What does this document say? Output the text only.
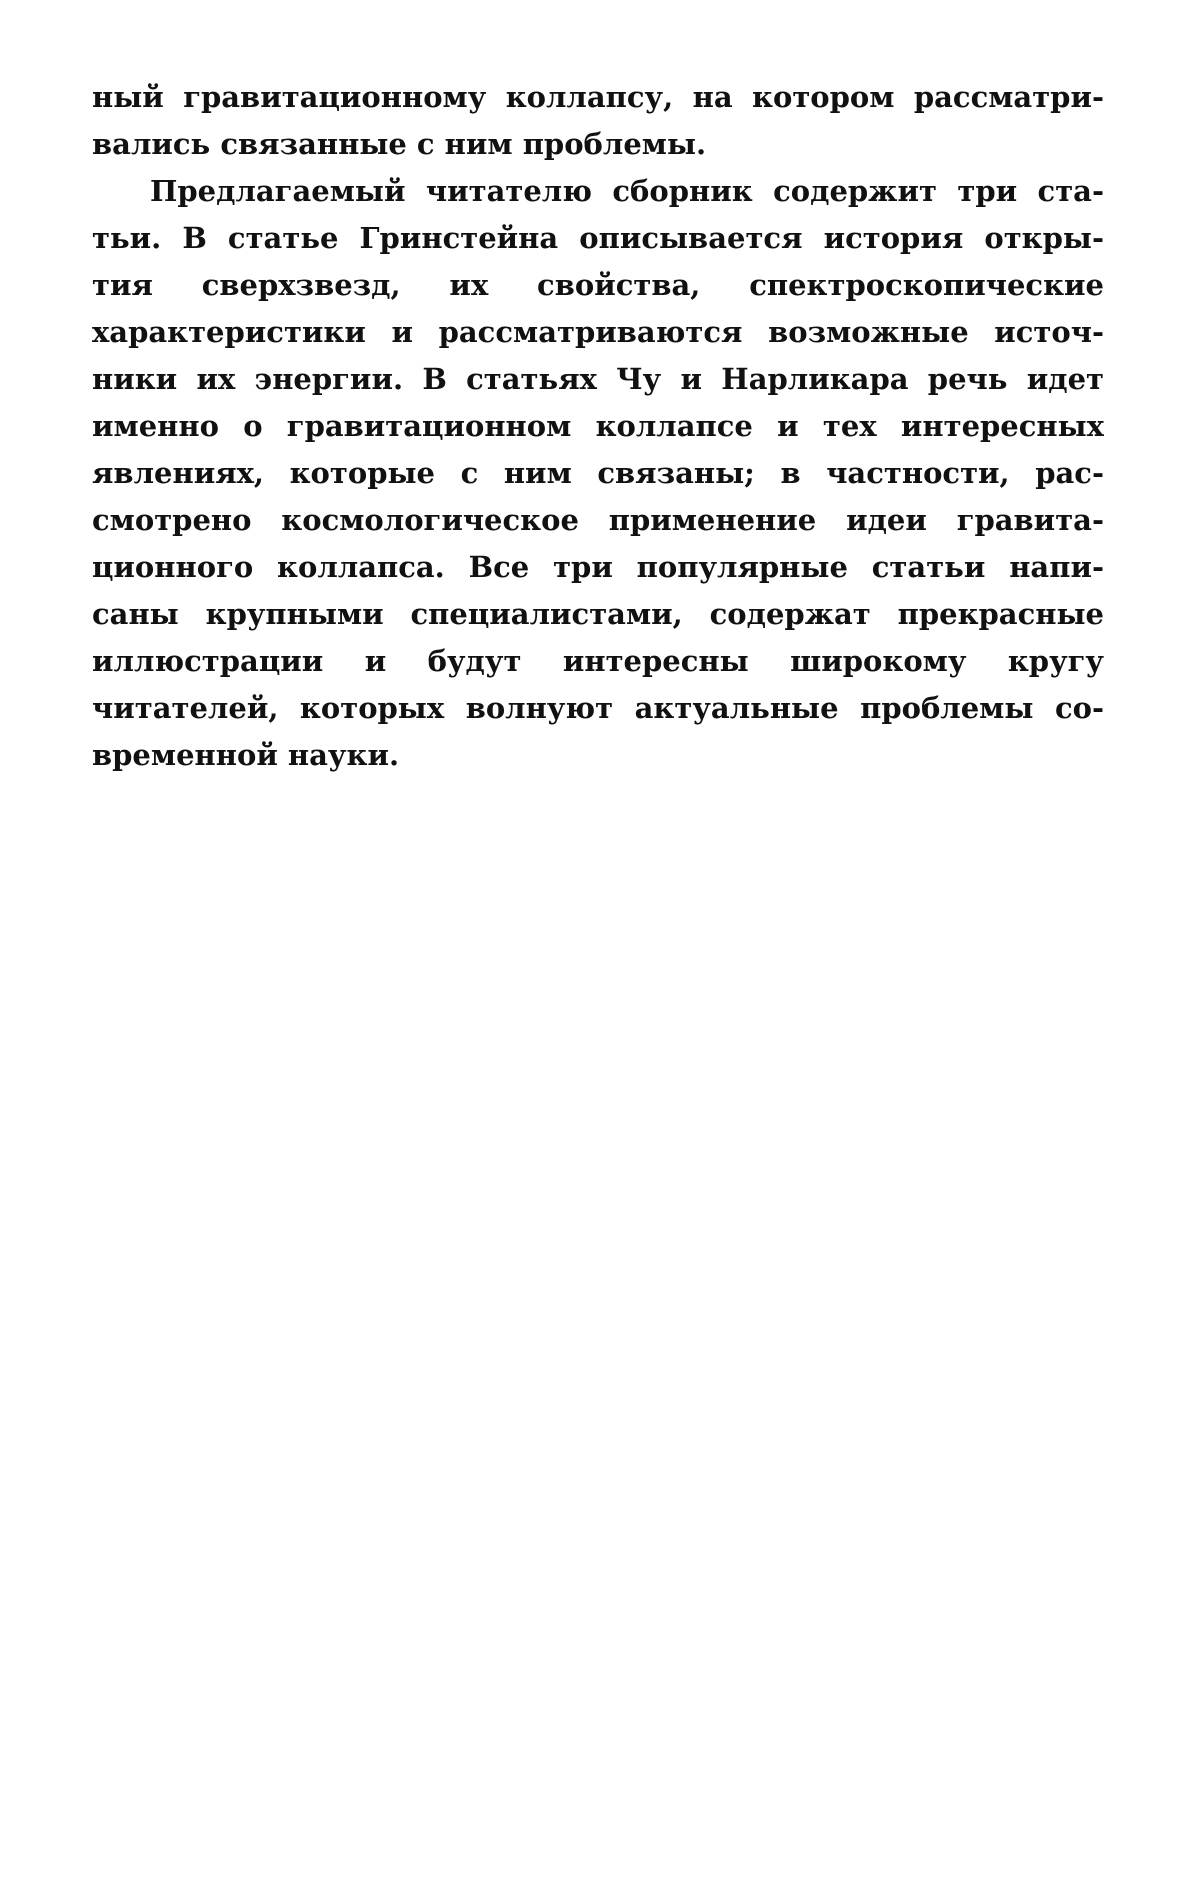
ный гравитационному коллапсу, на котором рассматри-
вались связанные с ним проблемы.
Предлагаемый читателю сборник содержит три ста-
тьи. В статье Гринстейна описывается история откры-
тия сверхзвезд, их свойства, спектроскопические
характеристики и рассматриваются возможные источ-
ники их энергии. В статьях Чу и Нарликара речь идет
именно о гравитационном коллапсе и тех интересных
явлениях, которые с ним связаны; в частности, рас-
смотрено космологическое применение идеи гравита-
ционного коллапса. Все три популярные статьи напи-
саны крупными специалистами, содержат прекрасные
иллюстрации и будут интересны широкому кругу
читателей, которых волнуют актуальные проблемы со-
временной науки.
